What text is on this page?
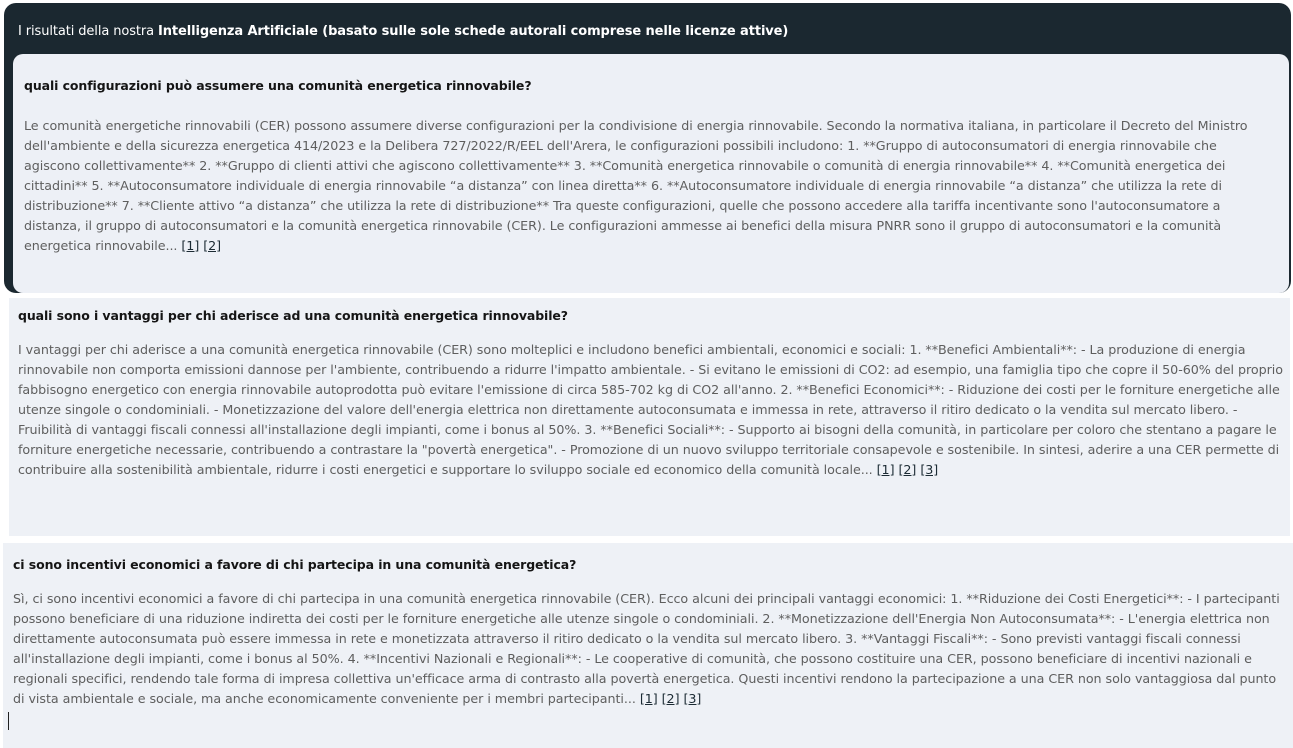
I risultati della nostra Intelligenza Artificiale (basato sulle sole schede autorali comprese nelle licenze attive)
quali configurazioni può assumere una comunità energetica rinnovabile?
Le comunità energetiche rinnovabili (CER) possono assumere diverse configurazioni per la condivisione di energia rinnovabile. Secondo la normativa italiana, in particolare il Decreto del Ministro dell'ambiente e della sicurezza energetica 414/2023 e la Delibera 727/2022/R/EEL dell'Arera, le configurazioni possibili includono: 1. **Gruppo di autoconsumatori di energia rinnovabile che agiscono collettivamente** 2. **Gruppo di clienti attivi che agiscono collettivamente** 3. **Comunità energetica rinnovabile o comunità di energia rinnovabile** 4. **Comunità energetica dei cittadini** 5. **Autoconsumatore individuale di energia rinnovabile “a distanza” con linea diretta** 6. **Autoconsumatore individuale di energia rinnovabile “a distanza” che utilizza la rete di distribuzione** 7. **Cliente attivo “a distanza” che utilizza la rete di distribuzione** Tra queste configurazioni, quelle che possono accedere alla tariffa incentivante sono l'autoconsumatore a distanza, il gruppo di autoconsumatori e la comunità energetica rinnovabile (CER). Le configurazioni ammesse ai benefici della misura PNRR sono il gruppo di autoconsumatori e la comunità energetica rinnovabile... [1] [2]
quali sono i vantaggi per chi aderisce ad una comunità energetica rinnovabile?
I vantaggi per chi aderisce a una comunità energetica rinnovabile (CER) sono molteplici e includono benefici ambientali, economici e sociali: 1. **Benefici Ambientali**: - La produzione di energia rinnovabile non comporta emissioni dannose per l'ambiente, contribuendo a ridurre l'impatto ambientale. - Si evitano le emissioni di CO2: ad esempio, una famiglia tipo che copre il 50-60% del proprio fabbisogno energetico con energia rinnovabile autoprodotta può evitare l'emissione di circa 585-702 kg di CO2 all'anno. 2. **Benefici Economici**: - Riduzione dei costi per le forniture energetiche alle utenze singole o condominiali. - Monetizzazione del valore dell'energia elettrica non direttamente autoconsumata e immessa in rete, attraverso il ritiro dedicato o la vendita sul mercato libero. - Fruibilità di vantaggi fiscali connessi all'installazione degli impianti, come i bonus al 50%. 3. **Benefici Sociali**: - Supporto ai bisogni della comunità, in particolare per coloro che stentano a pagare le forniture energetiche necessarie, contribuendo a contrastare la "povertà energetica". - Promozione di un nuovo sviluppo territoriale consapevole e sostenibile. In sintesi, aderire a una CER permette di contribuire alla sostenibilità ambientale, ridurre i costi energetici e supportare lo sviluppo sociale ed economico della comunità locale... [1] [2] [3]
ci sono incentivi economici a favore di chi partecipa in una comunità energetica?
Sì, ci sono incentivi economici a favore di chi partecipa in una comunità energetica rinnovabile (CER). Ecco alcuni dei principali vantaggi economici: 1. **Riduzione dei Costi Energetici**: - I partecipanti possono beneficiare di una riduzione indiretta dei costi per le forniture energetiche alle utenze singole o condominiali. 2. **Monetizzazione dell'Energia Non Autoconsumata**: - L'energia elettrica non direttamente autoconsumata può essere immessa in rete e monetizzata attraverso il ritiro dedicato o la vendita sul mercato libero. 3. **Vantaggi Fiscali**: - Sono previsti vantaggi fiscali connessi all'installazione degli impianti, come i bonus al 50%. 4. **Incentivi Nazionali e Regionali**: - Le cooperative di comunità, che possono costituire una CER, possono beneficiare di incentivi nazionali e regionali specifici, rendendo tale forma di impresa collettiva un'efficace arma di contrasto alla povertà energetica. Questi incentivi rendono la partecipazione a una CER non solo vantaggiosa dal punto di vista ambientale e sociale, ma anche economicamente conveniente per i membri partecipanti... [1] [2] [3]
